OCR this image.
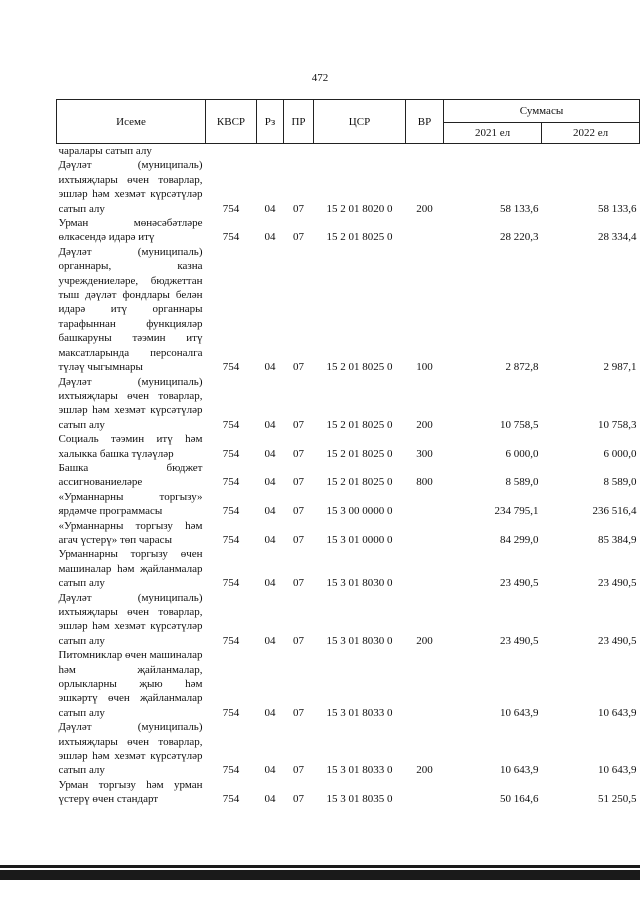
472
Исеме	КВСР	Рз	ПР	ЦСР	ВР	Суммасы	
						2021 ел	2022 ел
чаралары сатып алу							
Дәүләт (муниципаль) ихтыяҗлары өчен товарлар, эшләр һәм хезмәт күрсәтүләр сатып алу	754	04	07	15 2 01 8020 0	200	58 133,6	58 133,6
Урман мөнәсәбәтләре өлкәсендә идарә итү	754	04	07	15 2 01 8025 0		28 220,3	28 334,4
Дәүләт (муниципаль) органнары, казна учреждениеләре, бюджеттан тыш дәүләт фондлары белән идарә итү органнары тарафыннан функцияләр башкаруны тәэмин итү максатларында персоналга түләү чыгымнары	754	04	07	15 2 01 8025 0	100	2 872,8	2 987,1
Дәүләт (муниципаль) ихтыяҗлары өчен товарлар, эшләр һәм хезмәт күрсәтүләр сатып алу	754	04	07	15 2 01 8025 0	200	10 758,5	10 758,3
Социаль тәэмин итү һәм халыкка башка түләүләр	754	04	07	15 2 01 8025 0	300	6 000,0	6 000,0
Башка бюджет ассигнованиеләре	754	04	07	15 2 01 8025 0	800	8 589,0	8 589,0
«Урманнарны торгызу» ярдәмче программасы	754	04	07	15 3 00 0000 0		234 795,1	236 516,4
«Урманнарны торгызу һәм агач үстерү» төп чарасы	754	04	07	15 3 01 0000 0		84 299,0	85 384,9
Урманнарны торгызу өчен машиналар һәм җайланмалар сатып алу	754	04	07	15 3 01 8030 0		23 490,5	23 490,5
Дәүләт (муниципаль) ихтыяҗлары өчен товарлар, эшләр һәм хезмәт күрсәтүләр сатып алу	754	04	07	15 3 01 8030 0	200	23 490,5	23 490,5
Питомниклар өчен машиналар һәм җайланмалар, орлыкларны җыю һәм эшкәртү өчен җайланмалар сатып алу	754	04	07	15 3 01 8033 0		10 643,9	10 643,9
Дәүләт (муниципаль) ихтыяҗлары өчен товарлар, эшләр һәм хезмәт күрсәтүләр сатып алу	754	04	07	15 3 01 8033 0	200	10 643,9	10 643,9
Урман торгызу һәм урман үстерү өчен стандарт	754	04	07	15 3 01 8035 0		50 164,6	51 250,5
